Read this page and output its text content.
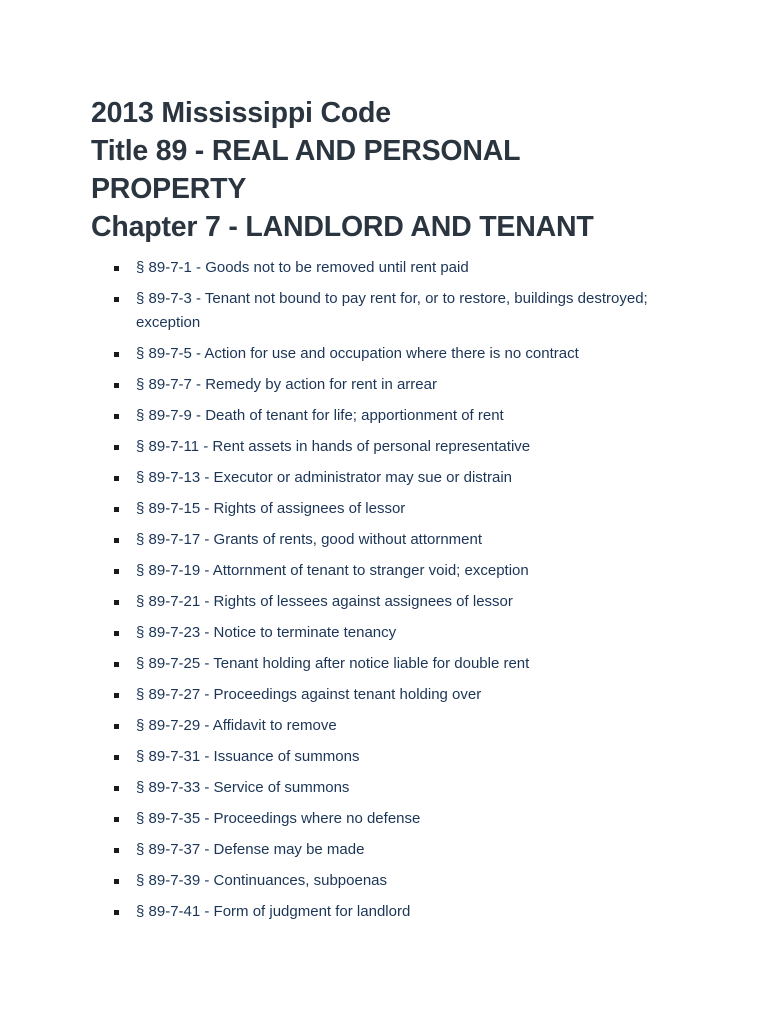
2013 Mississippi Code
Title 89 - REAL AND PERSONAL
PROPERTY
Chapter 7 - LANDLORD AND TENANT
§ 89-7-1 - Goods not to be removed until rent paid
§ 89-7-3 - Tenant not bound to pay rent for, or to restore, buildings destroyed; exception
§ 89-7-5 - Action for use and occupation where there is no contract
§ 89-7-7 - Remedy by action for rent in arrear
§ 89-7-9 - Death of tenant for life; apportionment of rent
§ 89-7-11 - Rent assets in hands of personal representative
§ 89-7-13 - Executor or administrator may sue or distrain
§ 89-7-15 - Rights of assignees of lessor
§ 89-7-17 - Grants of rents, good without attornment
§ 89-7-19 - Attornment of tenant to stranger void; exception
§ 89-7-21 - Rights of lessees against assignees of lessor
§ 89-7-23 - Notice to terminate tenancy
§ 89-7-25 - Tenant holding after notice liable for double rent
§ 89-7-27 - Proceedings against tenant holding over
§ 89-7-29 - Affidavit to remove
§ 89-7-31 - Issuance of summons
§ 89-7-33 - Service of summons
§ 89-7-35 - Proceedings where no defense
§ 89-7-37 - Defense may be made
§ 89-7-39 - Continuances, subpoenas
§ 89-7-41 - Form of judgment for landlord
